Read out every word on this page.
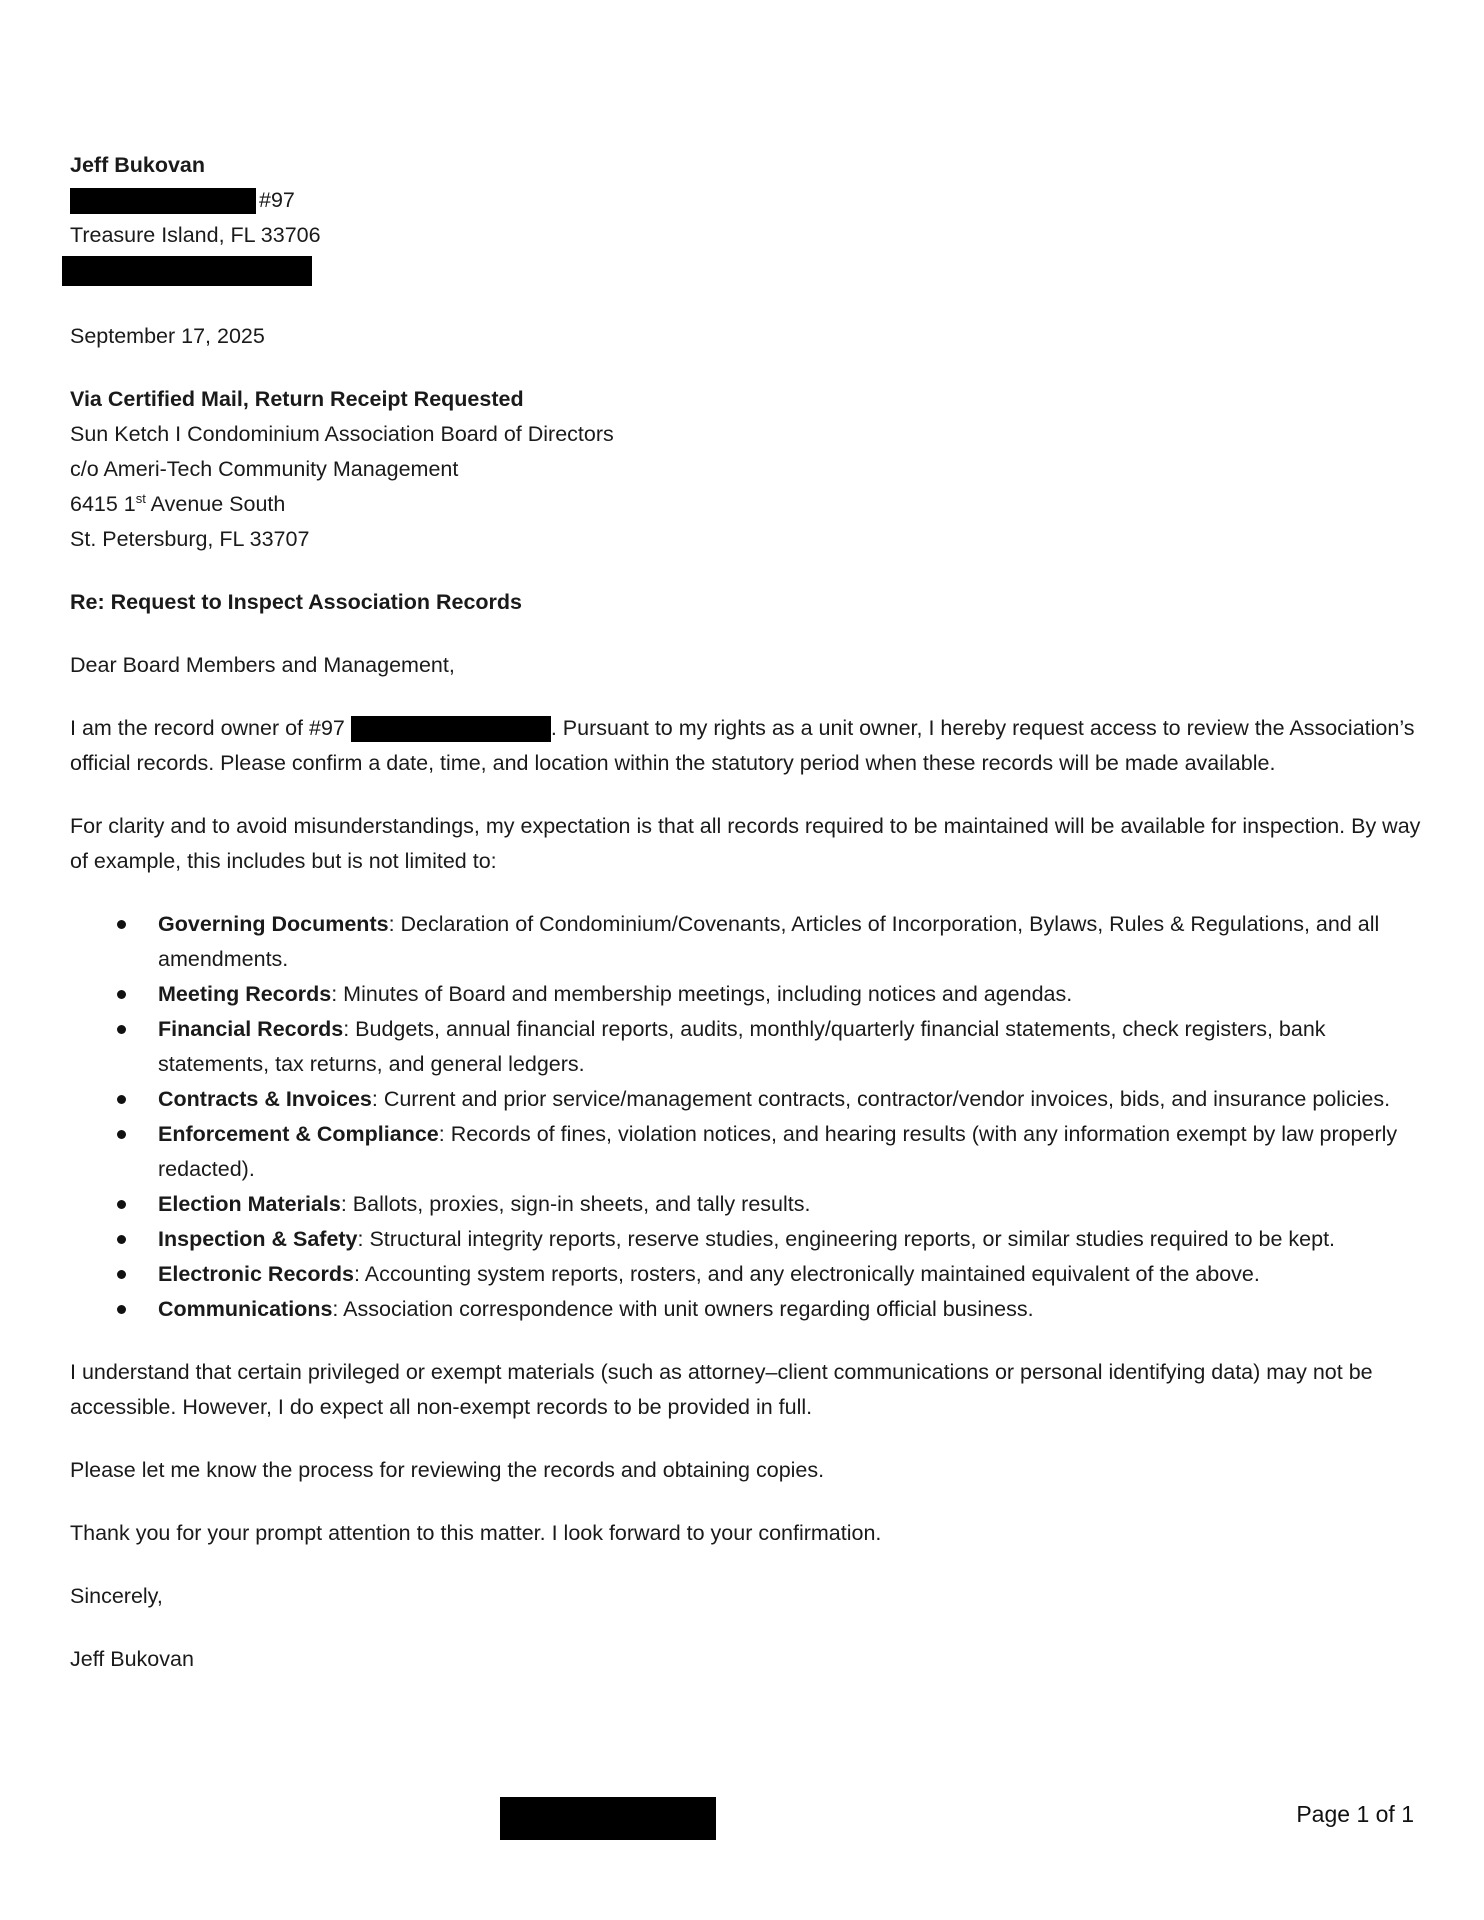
Jeff Bukovan
#97
Treasure Island, FL 33706
September 17, 2025
Via Certified Mail, Return Receipt Requested
Sun Ketch I Condominium Association Board of Directors
c/o Ameri-Tech Community Management
6415 1st Avenue South
St. Petersburg, FL 33707
Re: Request to Inspect Association Records
Dear Board Members and Management,

I am the record owner of #97	. Pursuant to my rights as a unit owner, I hereby request access to review the Association’s official records. Please confirm a date, time, and location within the statutory period when these records will be made available.

For clarity and to avoid misunderstandings, my expectation is that all records required to be maintained will be available for inspection. By way of example, this includes but is not limited to:

Governing Documents: Declaration of Condominium/Covenants, Articles of Incorporation, Bylaws, Rules & Regulations, and all amendments.
Meeting Records: Minutes of Board and membership meetings, including notices and agendas.
Financial Records: Budgets, annual financial reports, audits, monthly/quarterly financial statements, check registers, bank statements, tax returns, and general ledgers.
Contracts & Invoices: Current and prior service/management contracts, contractor/vendor invoices, bids, and insurance policies.
Enforcement & Compliance: Records of fines, violation notices, and hearing results (with any information exempt by law properly redacted).
Election Materials: Ballots, proxies, sign-in sheets, and tally results.
Inspection & Safety: Structural integrity reports, reserve studies, engineering reports, or similar studies required to be kept.
Electronic Records: Accounting system reports, rosters, and any electronically maintained equivalent of the above.
Communications: Association correspondence with unit owners regarding official business.

I understand that certain privileged or exempt materials (such as attorney–client communications or personal identifying data) may not be accessible. However, I do expect all non-exempt records to be provided in full.

Please let me know the process for reviewing the records and obtaining copies.

Thank you for your prompt attention to this matter. I look forward to your confirmation.

Sincerely,
Jeff Bukovan
Page 1 of 1
